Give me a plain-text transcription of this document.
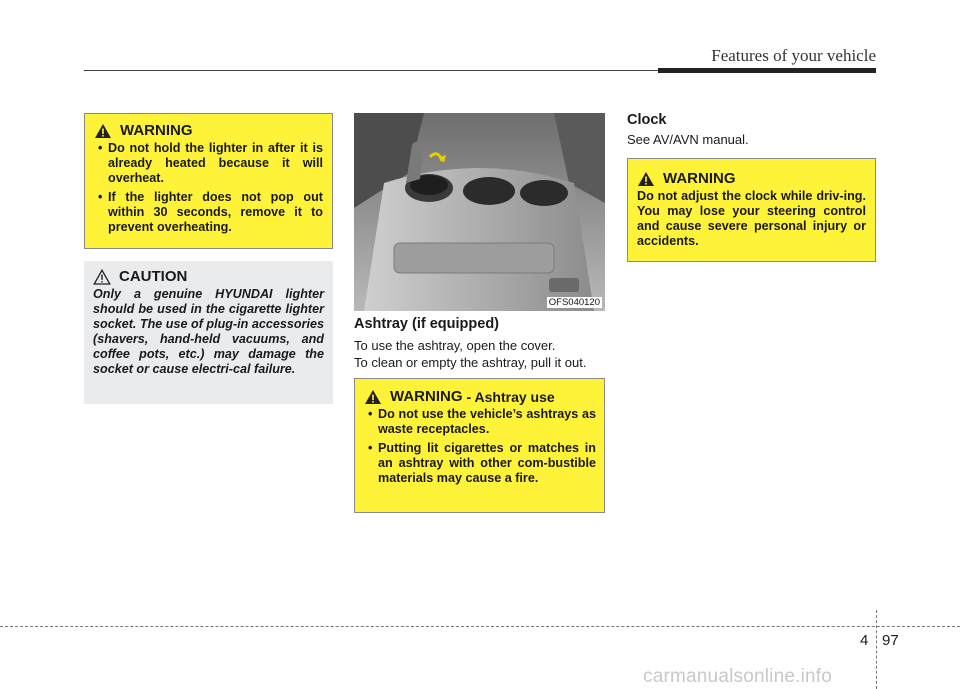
Features of your vehicle
WARNING
• Do not hold the lighter in after it is already heated because it will overheat.
• If the lighter does not pop out within 30 seconds, remove it to prevent overheating.
CAUTION

Only a genuine HYUNDAI lighter should be used in the cigarette lighter socket. The use of plug-in accessories (shavers, hand-held vacuums, and coffee pots, etc.) may damage the socket or cause electri-cal failure.

OFS040120
Ashtray (if equipped)

To use the ashtray, open the cover.

To clean or empty the ashtray, pull it out.

WARNING - Ashtray use
• Do not use the vehicle’s ashtrays as waste receptacles.
• Putting lit cigarettes or matches in an ashtray with other com-bustible materials may cause a fire.
Clock

See AV/AVN manual.

WARNING

Do not adjust the clock while driv-ing. You may lose your steering control and cause severe personal injury or accidents.

4 97
carmanualsonline.info
